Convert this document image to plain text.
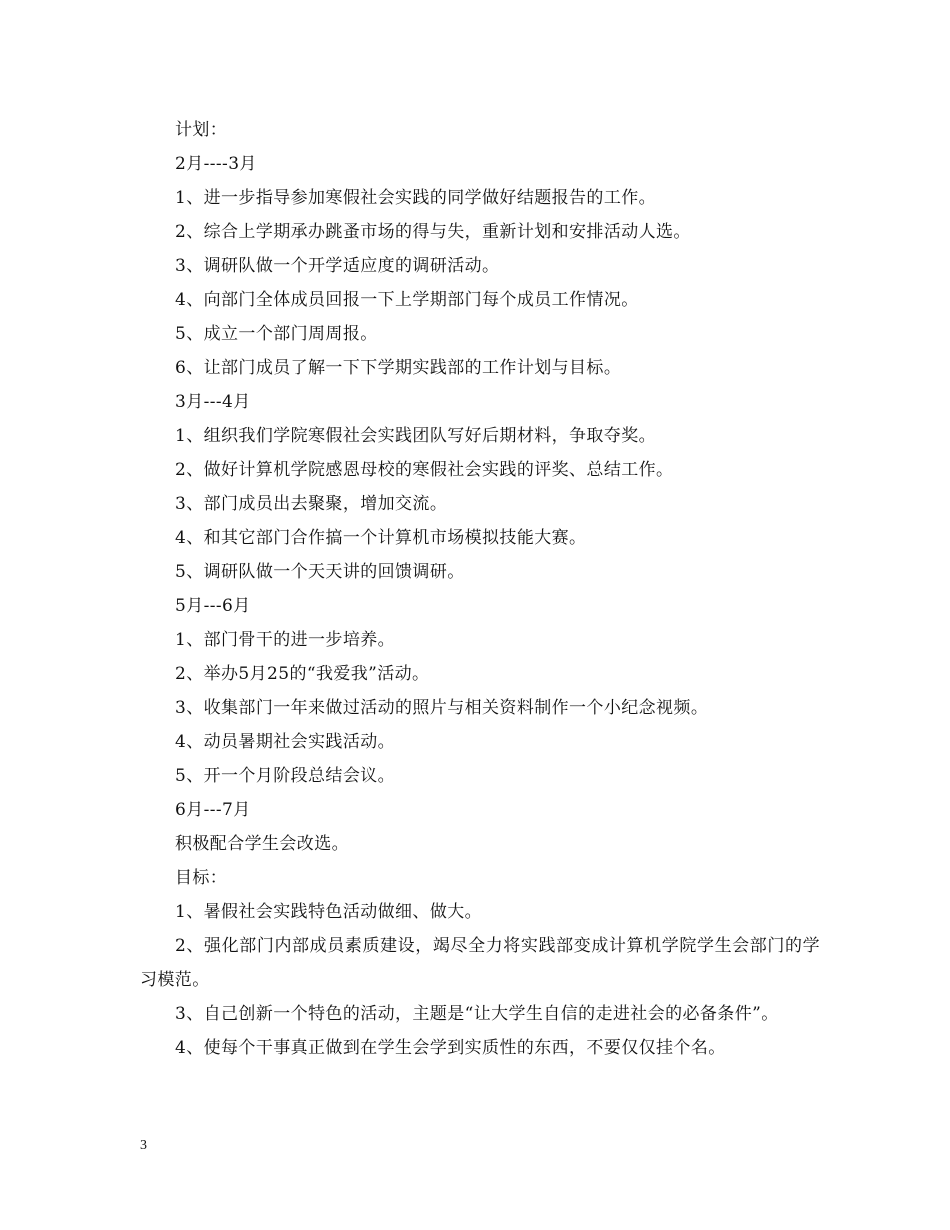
计划：
2月----3月
1、进一步指导参加寒假社会实践的同学做好结题报告的工作。
2、综合上学期承办跳蚤市场的得与失，重新计划和安排活动人选。
3、调研队做一个开学适应度的调研活动。
4、向部门全体成员回报一下上学期部门每个成员工作情况。
5、成立一个部门周周报。
6、让部门成员了解一下下学期实践部的工作计划与目标。
3月---4月
1、组织我们学院寒假社会实践团队写好后期材料，争取夺奖。
2、做好计算机学院感恩母校的寒假社会实践的评奖、总结工作。
3、部门成员出去聚聚，增加交流。
4、和其它部门合作搞一个计算机市场模拟技能大赛。
5、调研队做一个天天讲的回馈调研。
5月---6月
1、部门骨干的进一步培养。
2、举办5月25的“我爱我”活动。
3、收集部门一年来做过活动的照片与相关资料制作一个小纪念视频。
4、动员暑期社会实践活动。
5、开一个月阶段总结会议。
6月---7月
积极配合学生会改选。
目标：
1、暑假社会实践特色活动做细、做大。
2、强化部门内部成员素质建设，竭尽全力将实践部变成计算机学院学生会部门的学习模范。
3、自己创新一个特色的活动，主题是“让大学生自信的走进社会的必备条件”。
4、使每个干事真正做到在学生会学到实质性的东西，不要仅仅挂个名。
3
